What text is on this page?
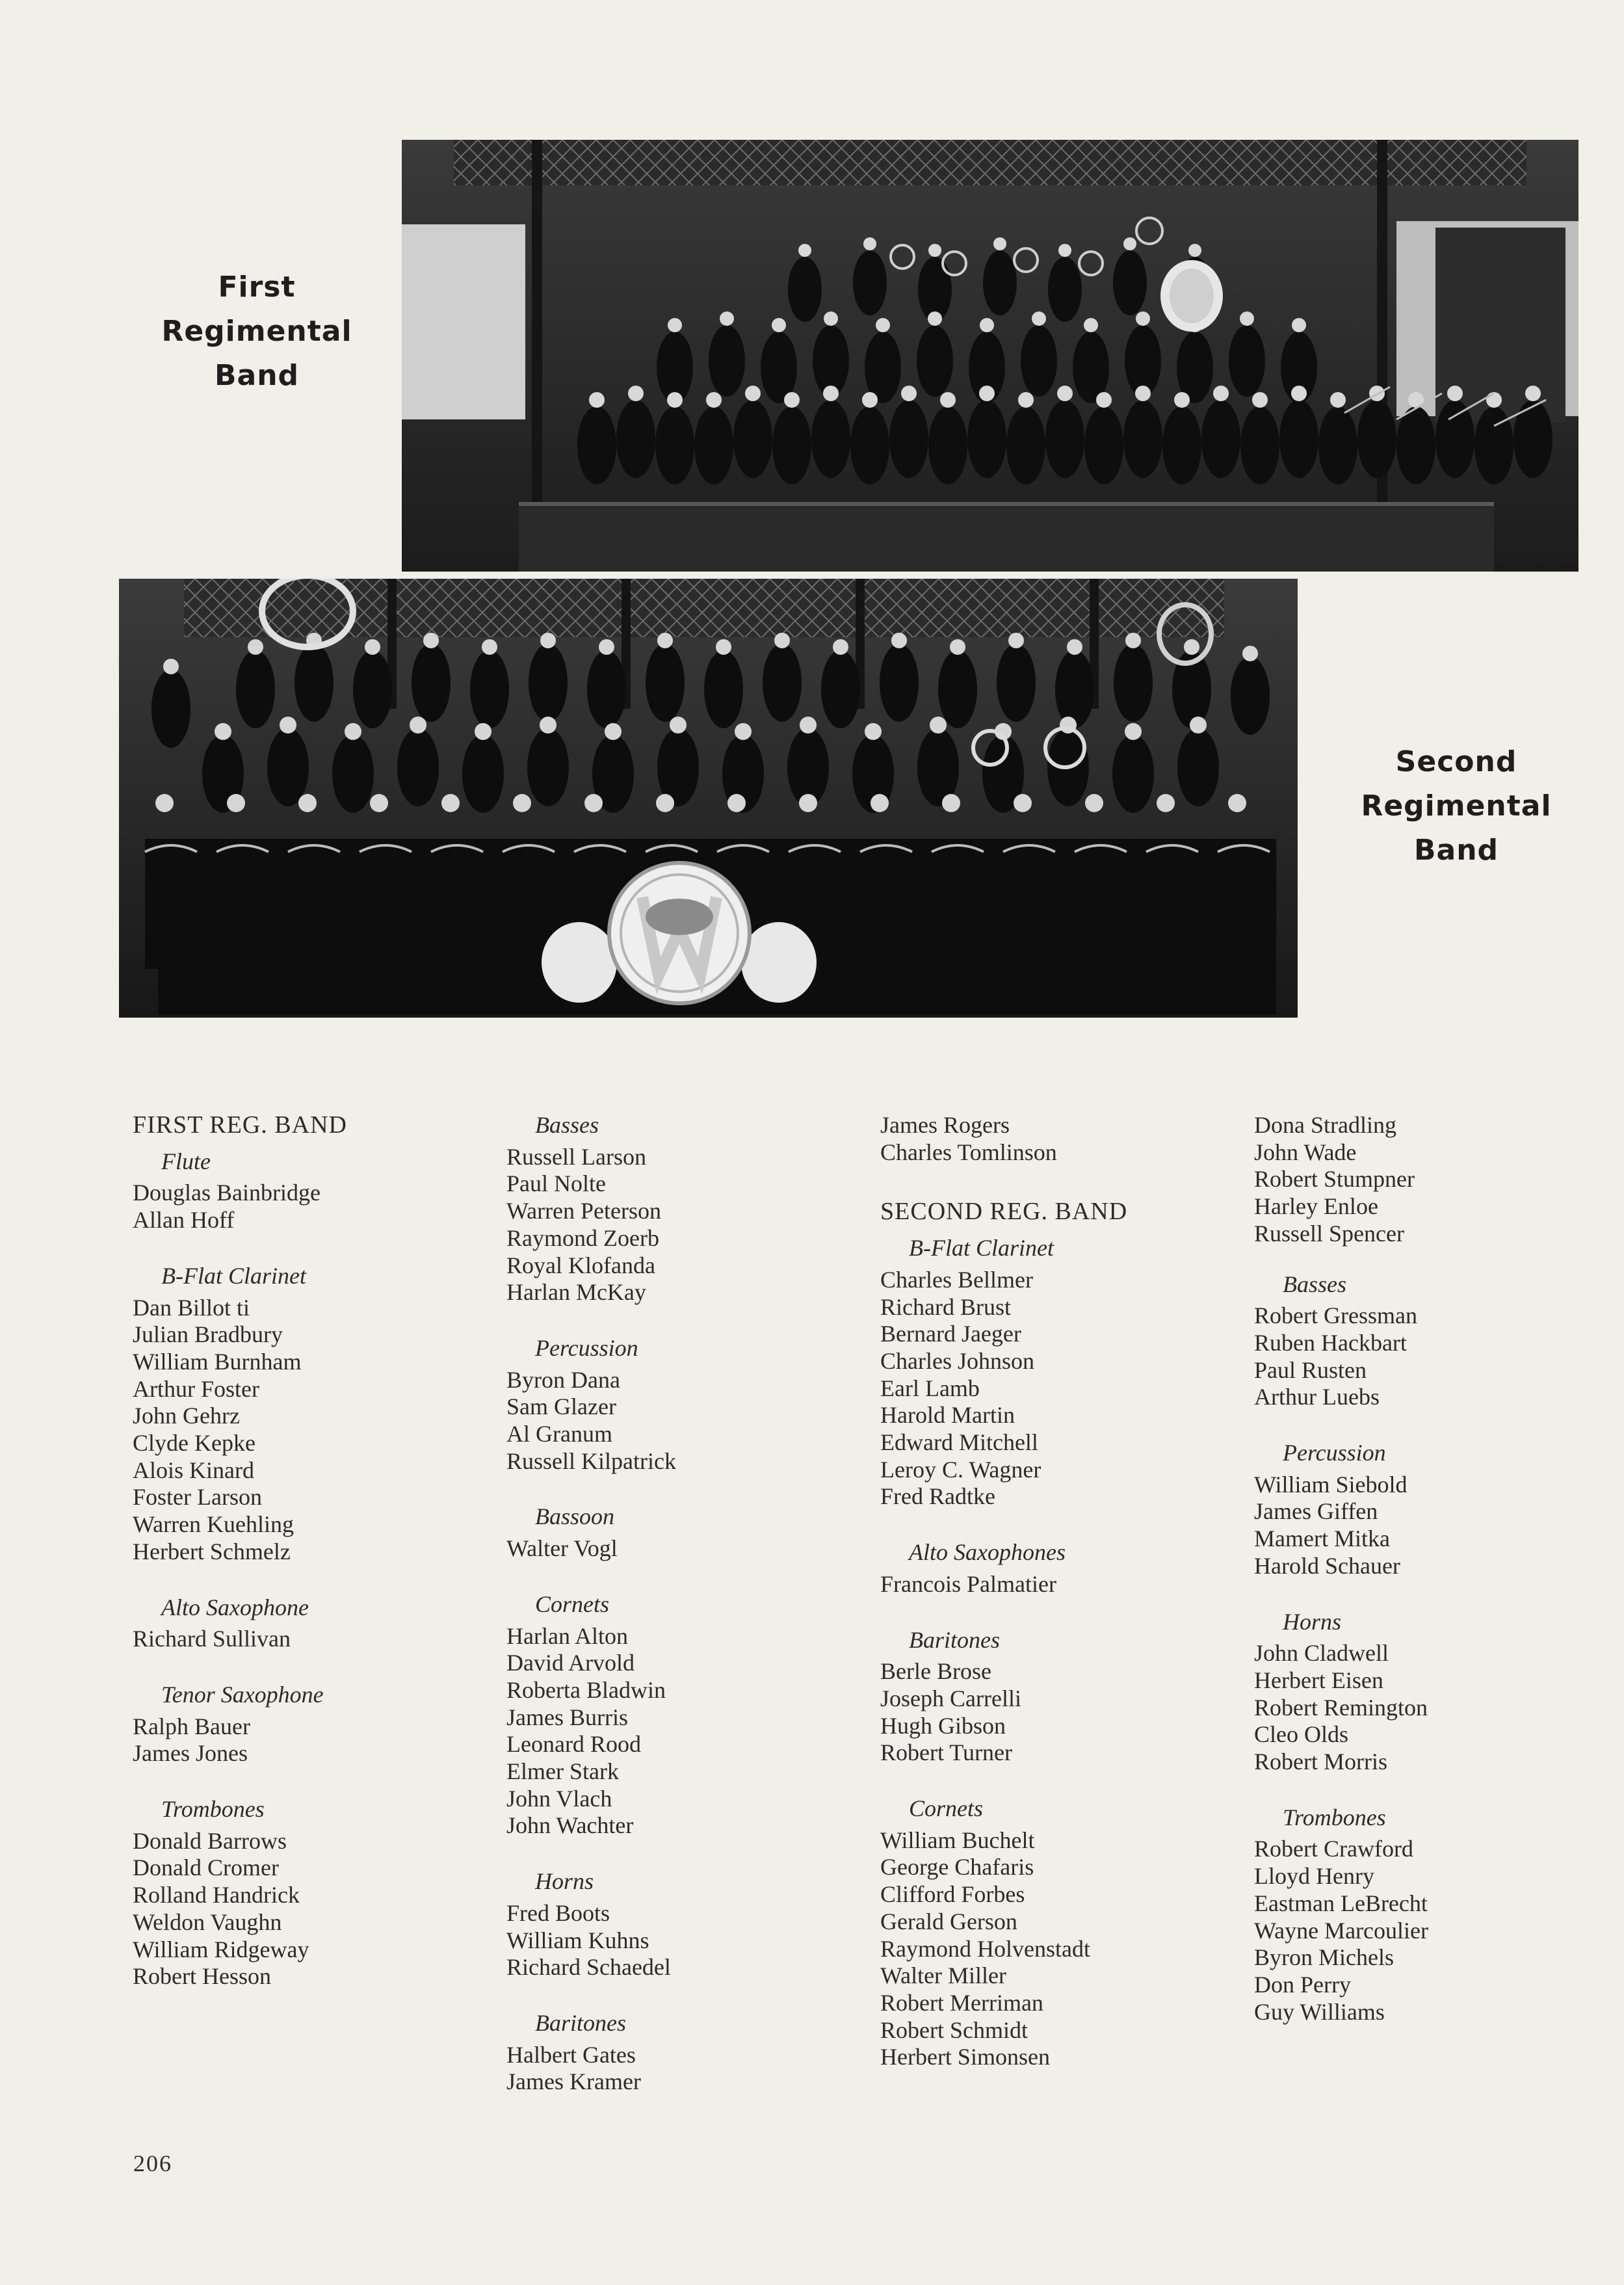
First
Regimental
Band
Second
Regimental
Band
FIRST REG. BAND
Flute
Douglas Bainbridge
Allan Hoff
B-Flat Clarinet
Dan Billot ti
Julian Bradbury
William Burnham
Arthur Foster
John Gehrz
Clyde Kepke
Alois Kinard
Foster Larson
Warren Kuehling
Herbert Schmelz
Alto Saxophone
Richard Sullivan
Tenor Saxophone
Ralph Bauer
James Jones
Trombones
Donald Barrows
Donald Cromer
Rolland Handrick
Weldon Vaughn
William Ridgeway
Robert Hesson
Basses
Russell Larson
Paul Nolte
Warren Peterson
Raymond Zoerb
Royal Klofanda
Harlan McKay
Percussion
Byron Dana
Sam Glazer
Al Granum
Russell Kilpatrick
Bassoon
Walter Vogl
Cornets
Harlan Alton
David Arvold
Roberta Bladwin
James Burris
Leonard Rood
Elmer Stark
John Vlach
John Wachter
Horns
Fred Boots
William Kuhns
Richard Schaedel
Baritones
Halbert Gates
James Kramer
James Rogers
Charles Tomlinson
SECOND REG. BAND
B-Flat Clarinet
Charles Bellmer
Richard Brust
Bernard Jaeger
Charles Johnson
Earl Lamb
Harold Martin
Edward Mitchell
Leroy C. Wagner
Fred Radtke
Alto Saxophones
Francois Palmatier
Baritones
Berle Brose
Joseph Carrelli
Hugh Gibson
Robert Turner
Cornets
William Buchelt
George Chafaris
Clifford Forbes
Gerald Gerson
Raymond Holvenstadt
Walter Miller
Robert Merriman
Robert Schmidt
Herbert Simonsen
Dona Stradling
John Wade
Robert Stumpner
Harley Enloe
Russell Spencer
Basses
Robert Gressman
Ruben Hackbart
Paul Rusten
Arthur Luebs
Percussion
William Siebold
James Giffen
Mamert Mitka
Harold Schauer
Horns
John Cladwell
Herbert Eisen
Robert Remington
Cleo Olds
Robert Morris
Trombones
Robert Crawford
Lloyd Henry
Eastman LeBrecht
Wayne Marcoulier
Byron Michels
Don Perry
Guy Williams
206
